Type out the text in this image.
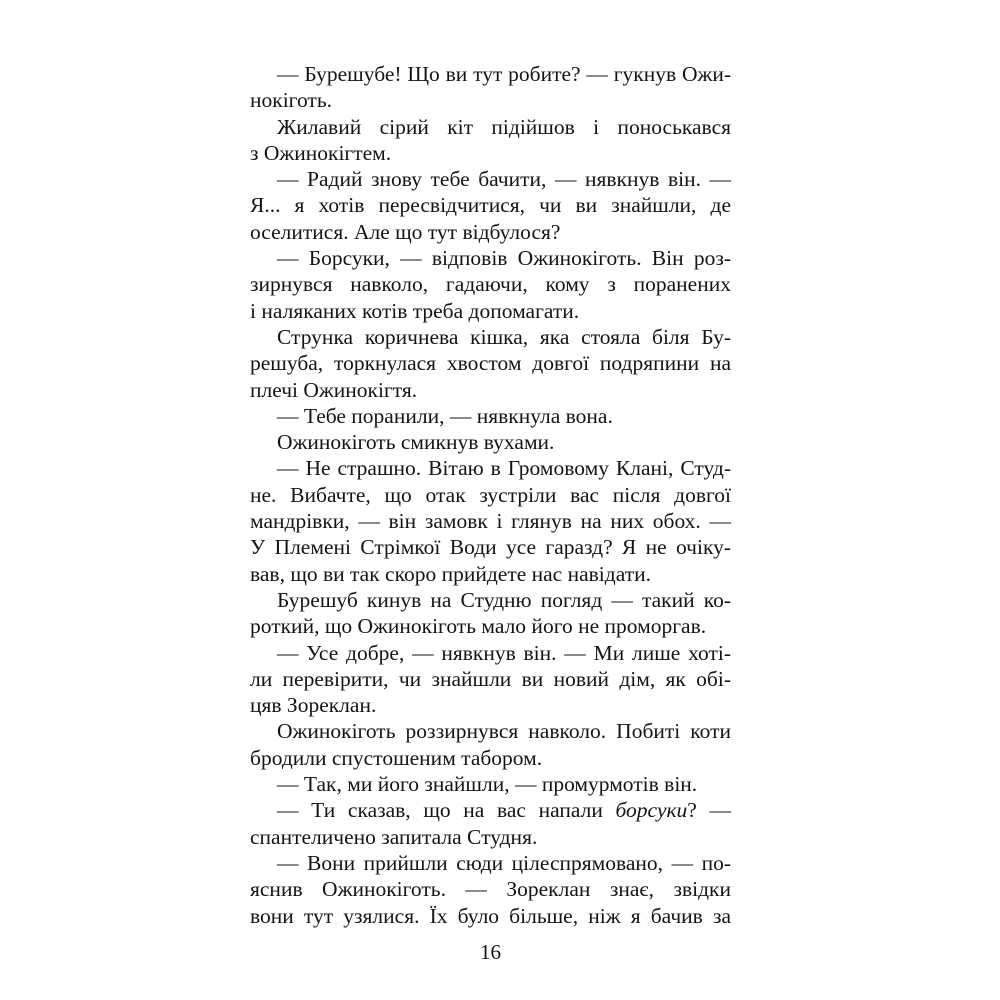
— Бурешубе! Що ви тут робите? — гукнув Ожи-
нокіготь.

Жилавий сірий кіт підійшов і поноськався
з Ожинокігтем.

— Радий знову тебе бачити, — нявкнув він. —
Я... я хотів пересвідчитися, чи ви знайшли, де
оселитися. Але що тут відбулося?

— Борсуки, — відповів Ожинокіготь. Він роз-
зирнувся навколо, гадаючи, кому з поранених
і наляканих котів треба допомагати.

Струнка коричнева кішка, яка стояла біля Бу-
решуба, торкнулася хвостом довгої подряпини на
плечі Ожинокігтя.

— Тебе поранили, — нявкнула вона.

Ожинокіготь смикнув вухами.

— Не страшно. Вітаю в Громовому Клані, Студ-
не. Вибачте, що отак зустріли вас після довгої
мандрівки, — він замовк і глянув на них обох. —
У Племені Стрімкої Води усе гаразд? Я не очіку-
вав, що ви так скоро прийдете нас навідати.

Бурешуб кинув на Студню погляд — такий ко-
роткий, що Ожинокіготь мало його не проморгав.

— Усе добре, — нявкнув він. — Ми лише хоті-
ли перевірити, чи знайшли ви новий дім, як обі-
цяв Зореклан.

Ожинокіготь роззирнувся навколо. Побиті коти
бродили спустошеним табором.

— Так, ми його знайшли, — промурмотів він.

— Ти сказав, що на вас напали борсуки? —
спантеличено запитала Студня.

— Вони прийшли сюди цілеспрямовано, — по-
яснив Ожинокіготь. — Зореклан знає, звідки
вони тут узялися. Їх було більше, ніж я бачив за

16
